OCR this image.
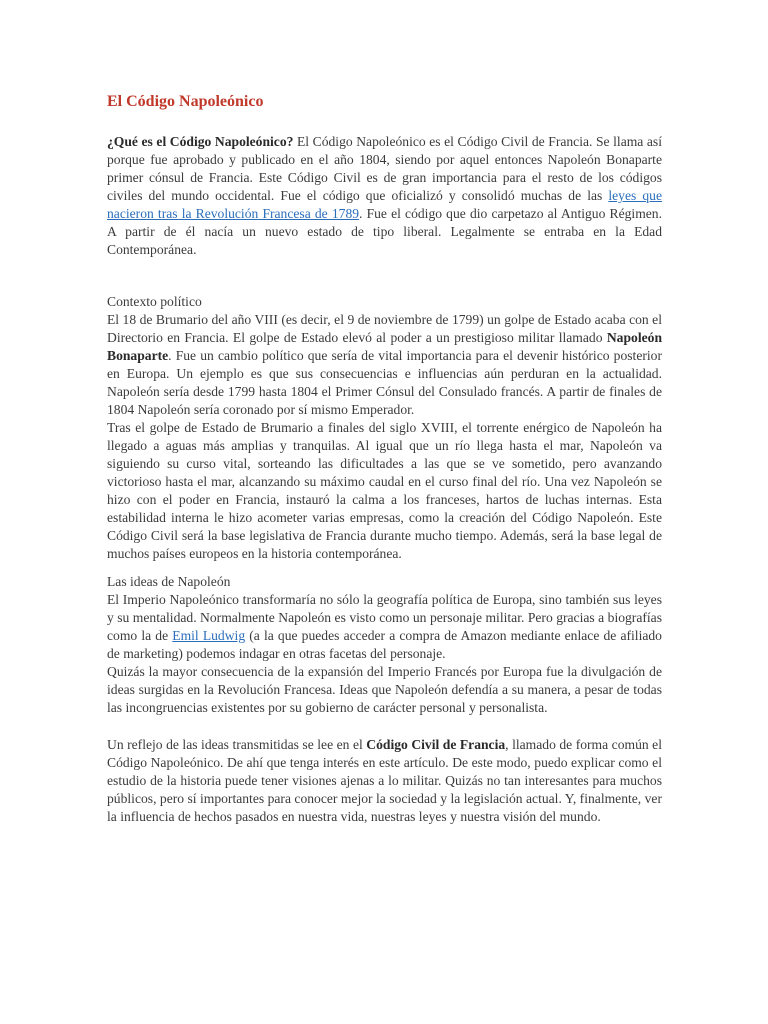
El Código Napoleónico

¿Qué es el Código Napoleónico? El Código Napoleónico es el Código Civil de Francia. Se llama así porque fue aprobado y publicado en el año 1804, siendo por aquel entonces Napoleón Bonaparte primer cónsul de Francia. Este Código Civil es de gran importancia para el resto de los códigos civiles del mundo occidental. Fue el código que oficializó y consolidó muchas de las leyes que nacieron tras la Revolución Francesa de 1789. Fue el código que dio carpetazo al Antiguo Régimen. A partir de él nacía un nuevo estado de tipo liberal. Legalmente se entraba en la Edad Contemporánea.

Contexto político

El 18 de Brumario del año VIII (es decir, el 9 de noviembre de 1799) un golpe de Estado acaba con el Directorio en Francia. El golpe de Estado elevó al poder a un prestigioso militar llamado Napoleón Bonaparte. Fue un cambio político que sería de vital importancia para el devenir histórico posterior en Europa. Un ejemplo es que sus consecuencias e influencias aún perduran en la actualidad. Napoleón sería desde 1799 hasta 1804 el Primer Cónsul del Consulado francés. A partir de finales de 1804 Napoleón sería coronado por sí mismo Emperador.

Tras el golpe de Estado de Brumario a finales del siglo XVIII, el torrente enérgico de Napoleón ha llegado a aguas más amplias y tranquilas. Al igual que un río llega hasta el mar, Napoleón va siguiendo su curso vital, sorteando las dificultades a las que se ve sometido, pero avanzando victorioso hasta el mar, alcanzando su máximo caudal en el curso final del río. Una vez Napoleón se hizo con el poder en Francia, instauró la calma a los franceses, hartos de luchas internas. Esta estabilidad interna le hizo acometer varias empresas, como la creación del Código Napoleón. Este Código Civil será la base legislativa de Francia durante mucho tiempo. Además, será la base legal de muchos países europeos en la historia contemporánea.

Las ideas de Napoleón

El Imperio Napoleónico transformaría no sólo la geografía política de Europa, sino también sus leyes y su mentalidad. Normalmente Napoleón es visto como un personaje militar. Pero gracias a biografías como la de Emil Ludwig (a la que puedes acceder a compra de Amazon mediante enlace de afiliado de marketing) podemos indagar en otras facetas del personaje.

Quizás la mayor consecuencia de la expansión del Imperio Francés por Europa fue la divulgación de ideas surgidas en la Revolución Francesa. Ideas que Napoleón defendía a su manera, a pesar de todas las incongruencias existentes por su gobierno de carácter personal y personalista.

Un reflejo de las ideas transmitidas se lee en el Código Civil de Francia, llamado de forma común el Código Napoleónico. De ahí que tenga interés en este artículo. De este modo, puedo explicar como el estudio de la historia puede tener visiones ajenas a lo militar. Quizás no tan interesantes para muchos públicos, pero sí importantes para conocer mejor la sociedad y la legislación actual. Y, finalmente, ver la influencia de hechos pasados en nuestra vida, nuestras leyes y nuestra visión del mundo.
